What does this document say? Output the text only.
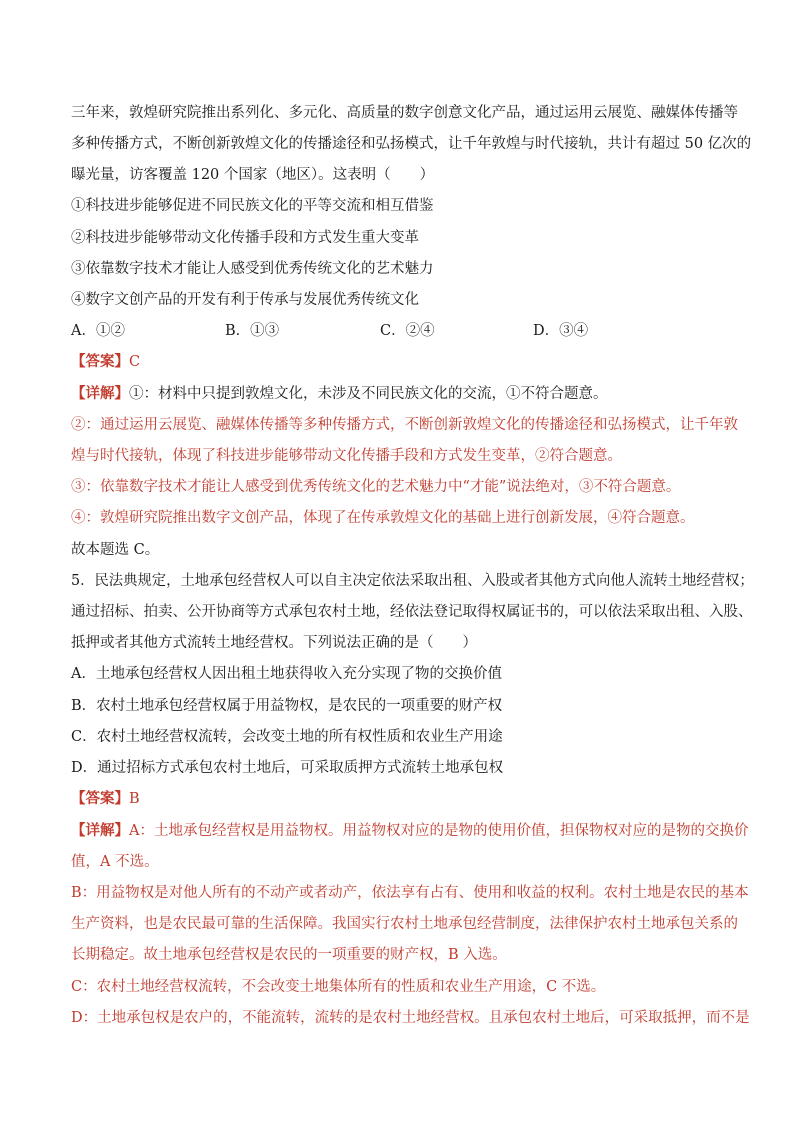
三年来，敦煌研究院推出系列化、多元化、高质量的数字创意文化产品，通过运用云展览、融媒体传播等
多种传播方式，不断创新敦煌文化的传播途径和弘扬模式，让千年敦煌与时代接轨，共计有超过 50 亿次的
曝光量，访客覆盖 120 个国家（地区）。这表明（　　）
①科技进步能够促进不同民族文化的平等交流和相互借鉴
②科技进步能够带动文化传播手段和方式发生重大变革
③依靠数字技术才能让人感受到优秀传统文化的艺术魅力
④数字文创产品的开发有利于传承与发展优秀传统文化
A．①②	B．①③	C．②④	D．③④
【答案】C
【详解】①：材料中只提到敦煌文化，未涉及不同民族文化的交流，①不符合题意。
②：通过运用云展览、融媒体传播等多种传播方式，不断创新敦煌文化的传播途径和弘扬模式，让千年敦
煌与时代接轨，体现了科技进步能够带动文化传播手段和方式发生变革，②符合题意。
③：依靠数字技术才能让人感受到优秀传统文化的艺术魅力中“才能”说法绝对，③不符合题意。
④：敦煌研究院推出数字文创产品，体现了在传承敦煌文化的基础上进行创新发展，④符合题意。
故本题选 C。
5．民法典规定，土地承包经营权人可以自主决定依法采取出租、入股或者其他方式向他人流转土地经营权；
通过招标、拍卖、公开协商等方式承包农村土地，经依法登记取得权属证书的，可以依法采取出租、入股、
抵押或者其他方式流转土地经营权。下列说法正确的是（　　）
A．土地承包经营权人因出租土地获得收入充分实现了物的交换价值
B．农村土地承包经营权属于用益物权，是农民的一项重要的财产权
C．农村土地经营权流转，会改变土地的所有权性质和农业生产用途
D．通过招标方式承包农村土地后，可采取质押方式流转土地承包权
【答案】B
【详解】A：土地承包经营权是用益物权。用益物权对应的是物的使用价值，担保物权对应的是物的交换价
值，A 不选。
B：用益物权是对他人所有的不动产或者动产，依法享有占有、使用和收益的权利。农村土地是农民的基本
生产资料，也是农民最可靠的生活保障。我国实行农村土地承包经营制度，法律保护农村土地承包关系的
长期稳定。故土地承包经营权是农民的一项重要的财产权，B 入选。
C：农村土地经营权流转，不会改变土地集体所有的性质和农业生产用途，C 不选。
D：土地承包权是农户的，不能流转，流转的是农村土地经营权。且承包农村土地后，可采取抵押，而不是
